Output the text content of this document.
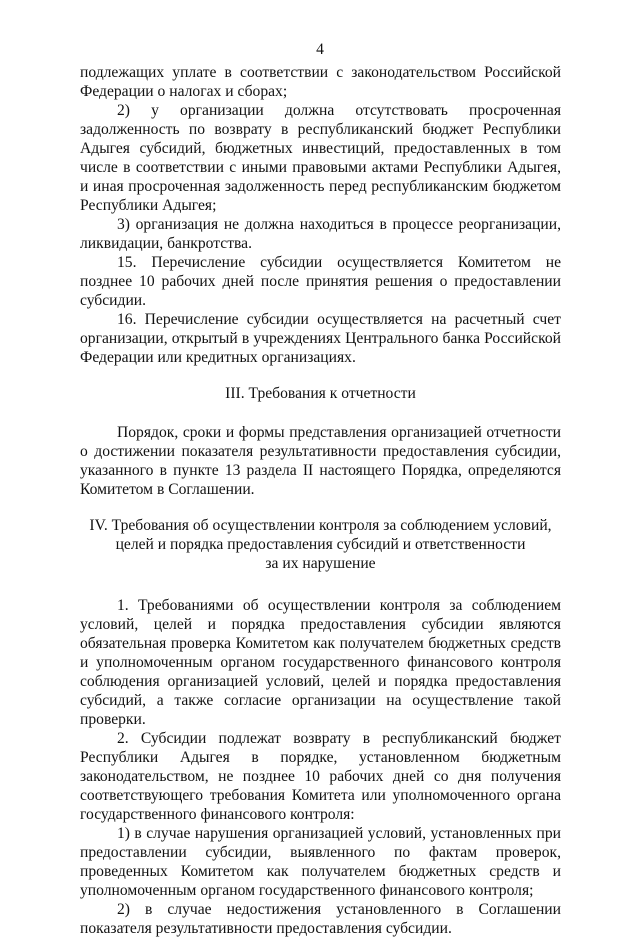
4

подлежащих уплате в соответствии с законодательством Российской Федерации о налогах и сборах;

2) у организации должна отсутствовать просроченная задолженность по возврату в республиканский бюджет Республики Адыгея субсидий, бюджетных инвестиций, предоставленных в том числе в соответствии с иными правовыми актами Республики Адыгея, и иная просроченная задолженность перед республиканским бюджетом Республики Адыгея;

3) организация не должна находиться в процессе реорганизации, ликвидации, банкротства.

15. Перечисление субсидии осуществляется Комитетом не позднее 10 рабочих дней после принятия решения о предоставлении субсидии.

16. Перечисление субсидии осуществляется на расчетный счет организации, открытый в учреждениях Центрального банка Российской Федерации или кредитных организациях.

III. Требования к отчетности

Порядок, сроки и формы представления организацией отчетности о достижении показателя результативности предоставления субсидии, указанного в пункте 13 раздела II настоящего Порядка, определяются Комитетом в Соглашении.

IV. Требования об осуществлении контроля за соблюдением условий,

целей и порядка предоставления субсидий и ответственности

за их нарушение

1. Требованиями об осуществлении контроля за соблюдением условий, целей и порядка предоставления субсидии являются обязательная проверка Комитетом как получателем бюджетных средств и уполномоченным органом государственного финансового контроля соблюдения организацией условий, целей и порядка предоставления субсидий, а также согласие организации на осуществление такой проверки.

2. Субсидии подлежат возврату в республиканский бюджет Республики Адыгея в порядке, установленном бюджетным законодательством, не позднее 10 рабочих дней со дня получения соответствующего требования Комитета или уполномоченного органа государственного финансового контроля:

1) в случае нарушения организацией условий, установленных при предоставлении субсидии, выявленного по фактам проверок, проведенных Комитетом как получателем бюджетных средств и уполномоченным органом государственного финансового контроля;

2) в случае недостижения установленного в Соглашении показателя результативности предоставления субсидии.
